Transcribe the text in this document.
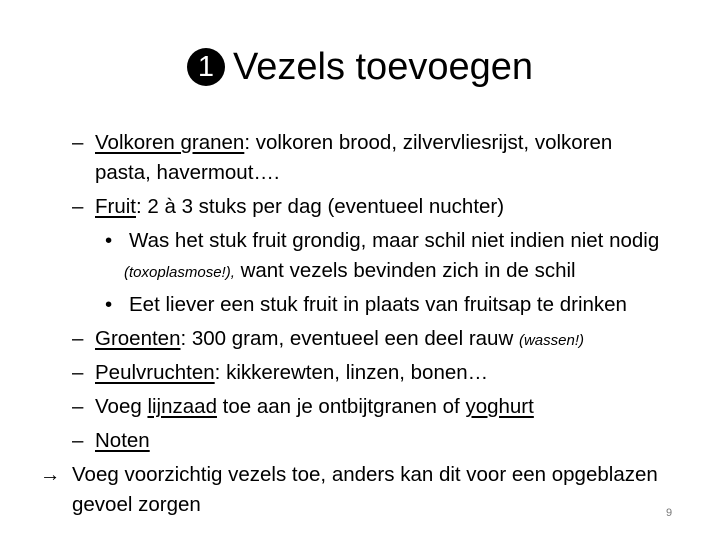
1 Vezels toevoegen
– Volkoren granen: volkoren brood, zilvervliesrijst, volkoren
pasta, havermout….
– Fruit: 2 à 3 stuks per dag (eventueel nuchter)
• Was het stuk fruit grondig, maar schil niet indien niet nodig
(toxoplasmose!), want vezels bevinden zich in de schil
• Eet liever een stuk fruit in plaats van fruitsap te drinken
– Groenten: 300 gram, eventueel een deel rauw (wassen!)
– Peulvruchten: kikkerewten, linzen, bonen…
– Voeg lijnzaad toe aan je ontbijtgranen of yoghurt
– Noten
→ Voeg voorzichtig vezels toe, anders kan dit voor een opgeblazen
gevoel zorgen	9
